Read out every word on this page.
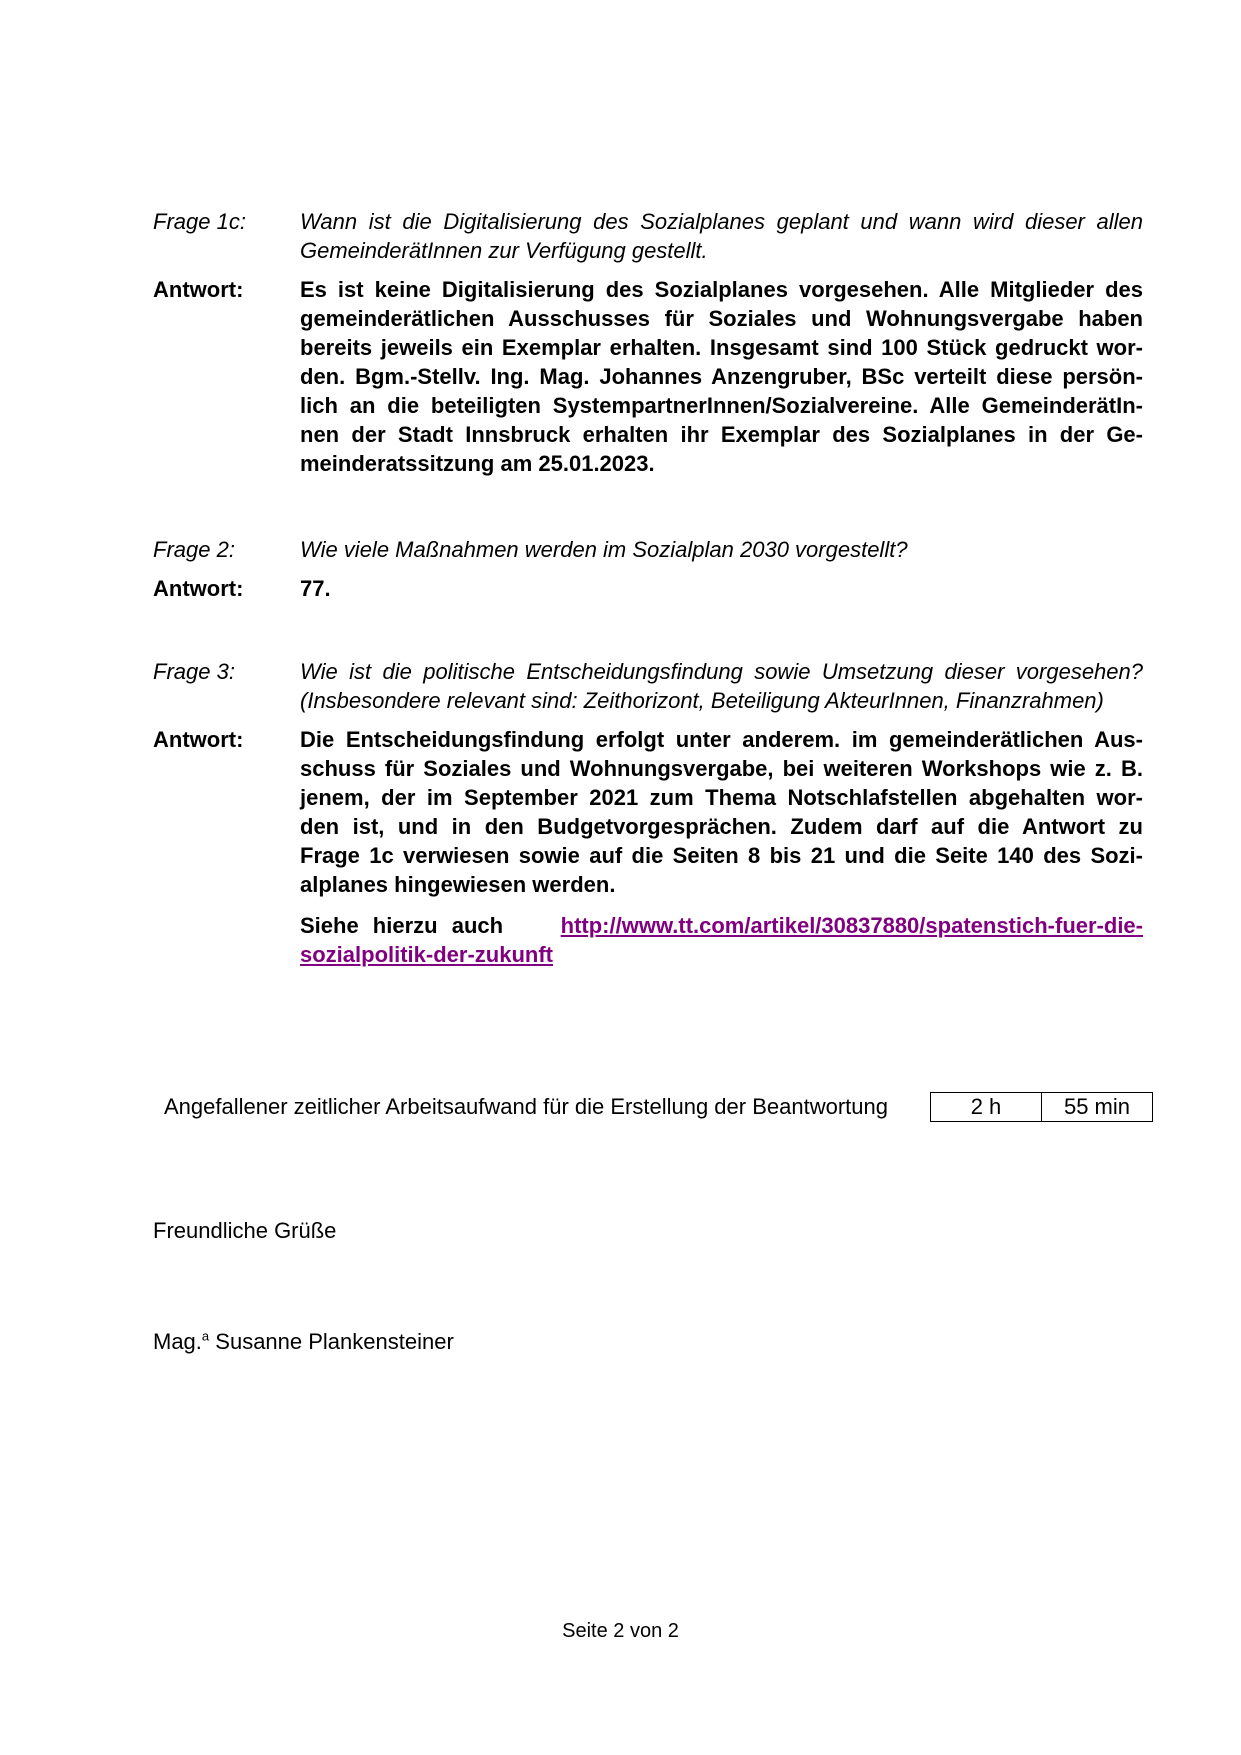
Frage 1c:	Wann ist die Digitalisierung des Sozialplanes geplant und wann wird dieser allen
GemeinderätInnen zur Verfügung gestellt.
Antwort:	Es ist keine Digitalisierung des Sozialplanes vorgesehen. Alle Mitglieder des
gemeinderätlichen Ausschusses für Soziales und Wohnungsvergabe haben
bereits jeweils ein Exemplar erhalten. Insgesamt sind 100 Stück gedruckt wor-
den. Bgm.-Stellv. Ing. Mag. Johannes Anzengruber, BSc verteilt diese persön-
lich an die beteiligten SystempartnerInnen/Sozialvereine. Alle GemeinderätIn-
nen der Stadt Innsbruck erhalten ihr Exemplar des Sozialplanes in der Ge-
meinderatssitzung am 25.01.2023.
Frage 2:	Wie viele Maßnahmen werden im Sozialplan 2030 vorgestellt?
Antwort:	77.
Frage 3:	Wie ist die politische Entscheidungsfindung sowie Umsetzung dieser vorgesehen?
(Insbesondere relevant sind: Zeithorizont, Beteiligung AkteurInnen, Finanzrahmen)
Antwort:	Die Entscheidungsfindung erfolgt unter anderem. im gemeinderätlichen Aus-
schuss für Soziales und Wohnungsvergabe, bei weiteren Workshops wie z. B.
jenem, der im September 2021 zum Thema Notschlafstellen abgehalten wor-
den ist, und in den Budgetvorgesprächen. Zudem darf auf die Antwort zu
Frage 1c verwiesen sowie auf die Seiten 8 bis 21 und die Seite 140 des Sozi-
alplanes hingewiesen werden.
Siehe hierzu auch	http://www.tt.com/artikel/30837880/spatenstich-fuer-die-
sozialpolitik-der-zukunft
Angefallener zeitlicher Arbeitsaufwand für die Erstellung der Beantwortung	2 h	55 min
Freundliche Grüße
Mag.$^a$ Susanne Plankensteiner
Seite 2 von 2
